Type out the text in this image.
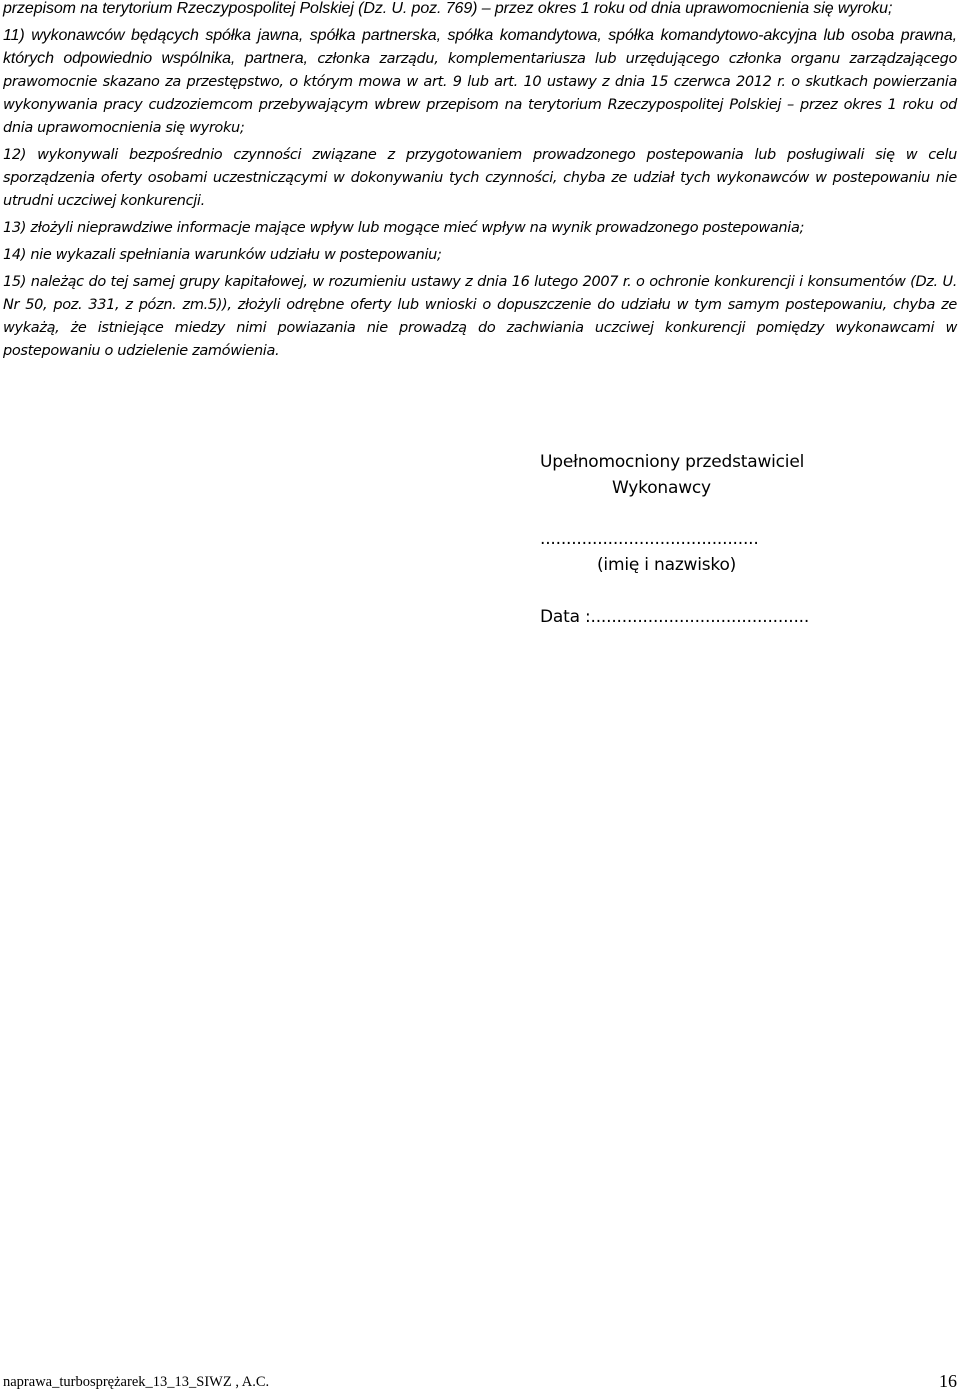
przepisom na terytorium Rzeczypospolitej Polskiej (Dz. U. poz. 769) – przez okres 1 roku od dnia uprawomocnienia się wyroku;

11) wykonawców będących spółka jawna, spółka partnerska, spółka komandytowa, spółka komandytowo-akcyjna lub osoba prawna, których odpowiednio wspólnika, partnera, członka zarządu, komplementariusza lub urzędującego członka organu zarządzającego prawomocnie skazano za przestępstwo, o którym mowa w art. 9 lub art. 10 ustawy z dnia 15 czerwca 2012 r. o skutkach powierzania wykonywania pracy cudzoziemcom przebywającym wbrew przepisom na terytorium Rzeczypospolitej Polskiej – przez okres 1 roku od dnia uprawomocnienia się wyroku;

12) wykonywali bezpośrednio czynności związane z przygotowaniem prowadzonego postepowania lub posługiwali się w celu sporządzenia oferty osobami uczestniczącymi w dokonywaniu tych czynności, chyba ze udział tych wykonawców w postepowaniu nie utrudni uczciwej konkurencji.

13) złożyli nieprawdziwe informacje mające wpływ lub mogące mieć wpływ na wynik prowadzonego postepowania;

14) nie wykazali spełniania warunków udziału w postepowaniu;

15) należąc do tej samej grupy kapitałowej, w rozumieniu ustawy z dnia 16 lutego 2007 r. o ochronie konkurencji i konsumentów (Dz. U. Nr 50, poz. 331, z pózn. zm.5)), złożyli odrębne oferty lub wnioski o dopuszczenie do udziału w tym samym postepowaniu, chyba ze wykażą, że istniejące miedzy nimi powiazania nie prowadzą do zachwiania uczciwej konkurencji pomiędzy wykonawcami w postepowaniu o udzielenie zamówienia.

Upełnomocniony przedstawiciel
Wykonawcy
..........................................
(imię i nazwisko)
Data :..........................................
naprawa_turbosprężarek_13_13_SIWZ , A.C.	16
